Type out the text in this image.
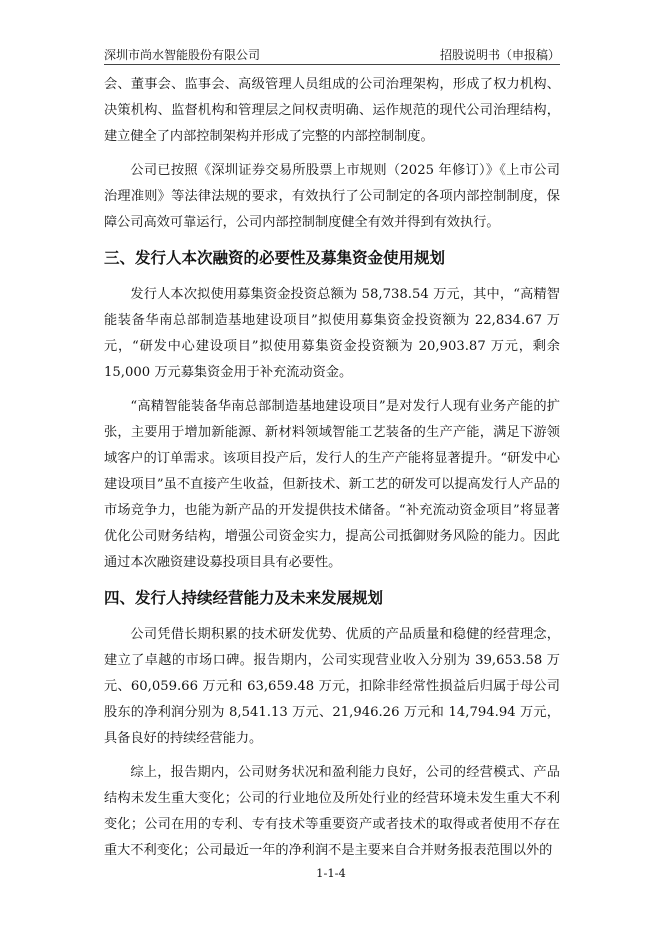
深圳市尚水智能股份有限公司	招股说明书（申报稿）

会、董事会、监事会、高级管理人员组成的公司治理架构，形成了权力机构、决策机构、监督机构和管理层之间权责明确、运作规范的现代公司治理结构，建立健全了内部控制架构并形成了完整的内部控制制度。

公司已按照《深圳证券交易所股票上市规则（2025 年修订）》《上市公司治理准则》等法律法规的要求，有效执行了公司制定的各项内部控制制度，保障公司高效可靠运行，公司内部控制制度健全有效并得到有效执行。

三、发行人本次融资的必要性及募集资金使用规划

发行人本次拟使用募集资金投资总额为 58,738.54 万元，其中，“高精智能装备华南总部制造基地建设项目”拟使用募集资金投资额为 22,834.67 万元，“研发中心建设项目”拟使用募集资金投资额为 20,903.87 万元，剩余 15,000 万元募集资金用于补充流动资金。

“高精智能装备华南总部制造基地建设项目”是对发行人现有业务产能的扩张，主要用于增加新能源、新材料领域智能工艺装备的生产产能，满足下游领域客户的订单需求。该项目投产后，发行人的生产产能将显著提升。“研发中心建设项目”虽不直接产生收益，但新技术、新工艺的研发可以提高发行人产品的市场竞争力，也能为新产品的开发提供技术储备。“补充流动资金项目”将显著优化公司财务结构，增强公司资金实力，提高公司抵御财务风险的能力。因此通过本次融资建设募投项目具有必要性。

四、发行人持续经营能力及未来发展规划

公司凭借长期积累的技术研发优势、优质的产品质量和稳健的经营理念，建立了卓越的市场口碑。报告期内，公司实现营业收入分别为 39,653.58 万元、60,059.66 万元和 63,659.48 万元，扣除非经常性损益后归属于母公司股东的净利润分别为 8,541.13 万元、21,946.26 万元和 14,794.94 万元，具备良好的持续经营能力。

综上，报告期内，公司财务状况和盈利能力良好，公司的经营模式、产品结构未发生重大变化；公司的行业地位及所处行业的经营环境未发生重大不利变化；公司在用的专利、专有技术等重要资产或者技术的取得或者使用不存在重大不利变化；公司最近一年的净利润不是主要来自合并财务报表范围以外的

1-1-4
